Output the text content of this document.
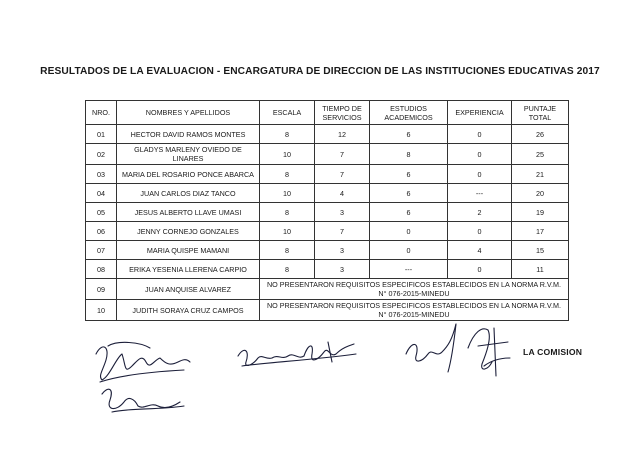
RESULTADOS DE LA EVALUACION - ENCARGATURA DE DIRECCION DE LAS INSTITUCIONES EDUCATIVAS 2017
NRO.	NOMBRES Y APELLIDOS	ESCALA	TIEMPO DE SERVICIOS	ESTUDIOS ACADEMICOS	EXPERIENCIA	PUNTAJE TOTAL
01	HECTOR DAVID RAMOS MONTES	8	12	6	0	26
02	GLADYS MARLENY OVIEDO DE LINARES	10	7	8	0	25
03	MARIA DEL ROSARIO PONCE ABARCA	8	7	6	0	21
04	JUAN CARLOS DIAZ TANCO	10	4	6	---	20
05	JESUS ALBERTO LLAVE UMASI	8	3	6	2	19
06	JENNY CORNEJO GONZALES	10	7	0	0	17
07	MARIA QUISPE MAMANI	8	3	0	4	15
08	ERIKA YESENIA LLERENA CARPIO	8	3	---	0	11
09	JUAN ANQUISE ALVAREZ	NO PRESENTARON REQUISITOS ESPECIFICOS ESTABLECIDOS EN LA NORMA R.V.M. N° 076-2015-MINEDU				
10	JUDITH SORAYA CRUZ CAMPOS	NO PRESENTARON REQUISITOS ESPECIFICOS ESTABLECIDOS EN LA NORMA R.V.M. N° 076-2015-MINEDU				
LA COMISION
